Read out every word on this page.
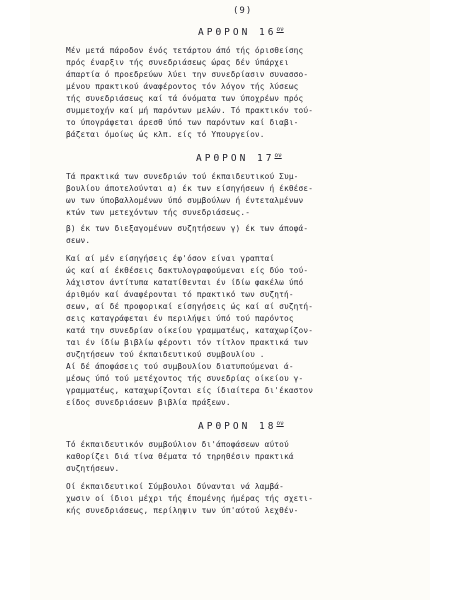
(9)
ΑΡΘΡΟΝ $16^{o\nu}$
Μέν μετά πάροδον ένός τετάρτου άπό τής όρισθείσης
πρός έναρξιν τής συνεδριάσεως ώρας δέν ύπάρχει
άπαρτία ό προεδρεύων λύει την συνεδρίασιν συνασσο-
μένου πρακτικού άναφέροντος τόν λόγον τής λύσεως
τής συνεδριάσεως καί τά όνόματα των ύποχρέων πρός
συμμετοχήν καί μή παρόντων μελών. Τό πρακτικόν τού-
το ύπογράφεται άρεσθ ύπό των παρόντων καί διαβι-
βάζεται όμοίως ώς κλπ. είς τό Υπουργείον.
ΑΡΘΡΟΝ $17^{o\nu}$
Τά πρακτικά των συνεδριών τού έκπαιδευτικού Συμ-
βουλίου άποτελούνται α) έκ των είσηγήσεων ή έκθέσε-
ων των ύποβαλλομένων ύπό συμβούλων ή έντεταλμένων
κτών των μετεχόντων τής συνεδριάσεως.-
β) έκ των διεξαγομένων συζητήσεων γ) έκ των άποφά-
σεων.
Καί αί μέν είσηγήσεις έφ'όσον είναι γραπταί
ώς καί αί έκθέσεις δακτυλογραφούμεναι είς δύο τού-
λάχιστον άντίτυπα κατατίθενται έν ίδίω φακέλω ύπό
άριθμόν καί άναφέρονται τό πρακτικό των συζητή-
σεων, αί δέ προφορικαί είσηγήσεις ώς καί αί συζητή-
σεις καταγράφεται έν περιλήψει ύπό τού παρόντος
κατά την συνεδρίαν οίκείου γραμματέως, καταχωρίζον-
ται έν ίδίω βιβλίω φέροντι τόν τίτλον πρακτικά των
συζητήσεων τού έκπαιδευτικού συμβουλίου .
Αί δέ άποφάσεις τού συμβουλίου διατυπούμεναι ά-
μέσως ύπό τού μετέχοντος τής συνεδρίας οίκείου γ-
γραμματέως, καταχωρίζονται είς ίδιαίτερα δι'έκαστον
είδος συνεδριάσεων βιβλία πράξεων.
ΑΡΘΡΟΝ $18^{o\nu}$
Τό έκπαιδευτικόν συμβούλιον δι'άποφάσεων αύτού
καθορίζει διά τίνα θέματα τό τηρηθέσιν πρακτικά
συζητήσεων.
Οί έκπαιδευτικοί Σύμβουλοι δύνανται νά λαμβά-
χωσιν οί ίδιοι μέχρι τής έπομένης ήμέρας τής σχετι-
κής συνεδριάσεως, περίληψιν των ύπ'αύτού λεχθέν-
